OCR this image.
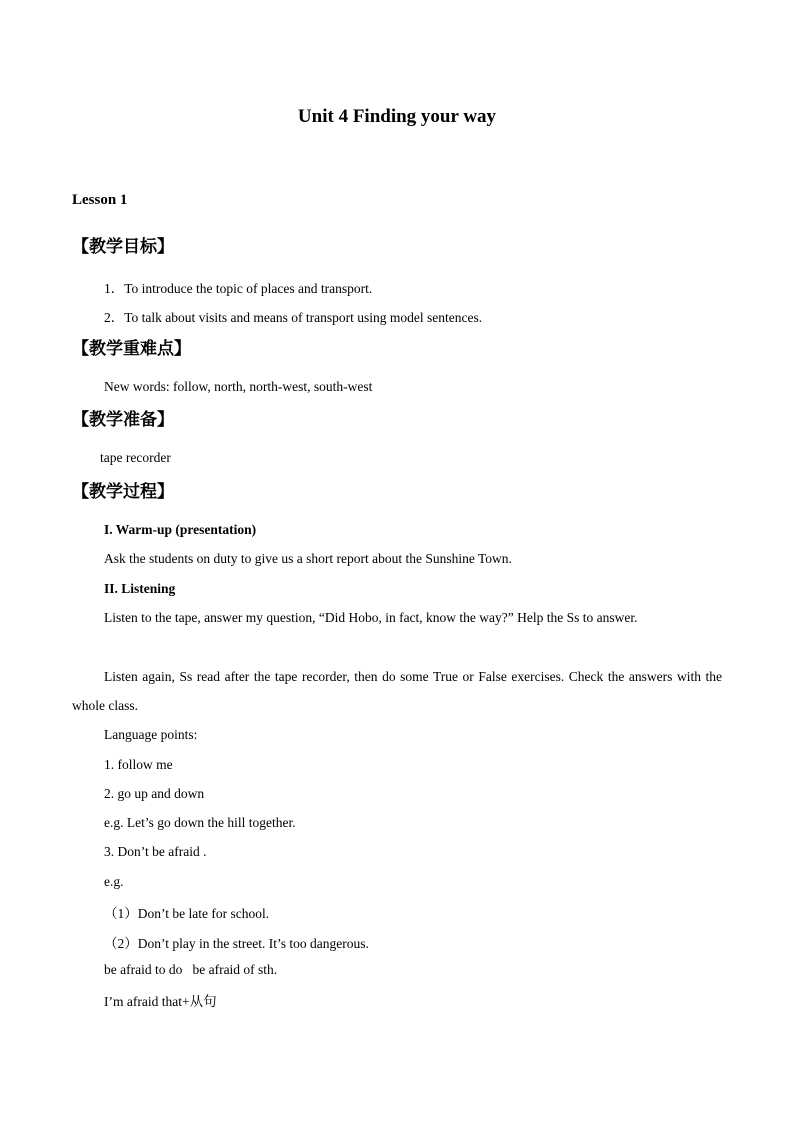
Unit 4 Finding your way
Lesson 1
【教学目标】
1．To introduce the topic of places and transport.
2．To talk about visits and means of transport using model sentences.
【教学重难点】
New words: follow, north, north-west, south-west
【教学准备】
tape recorder
【教学过程】
I. Warm-up (presentation)
Ask the students on duty to give us a short report about the Sunshine Town.
II. Listening
Listen to the tape, answer my question, “Did Hobo, in fact, know the way?” Help the Ss to answer.
Listen again, Ss read after the tape recorder, then do some True or False exercises. Check the answers with the whole class.
Language points:
1. follow me
2. go up and down
e.g. Let’s go down the hill together.
3. Don’t be afraid .
e.g.
（1）Don’t be late for school.
（2）Don’t play in the street. It’s too dangerous.
be afraid to do   be afraid of sth.
I’m afraid that+从句
